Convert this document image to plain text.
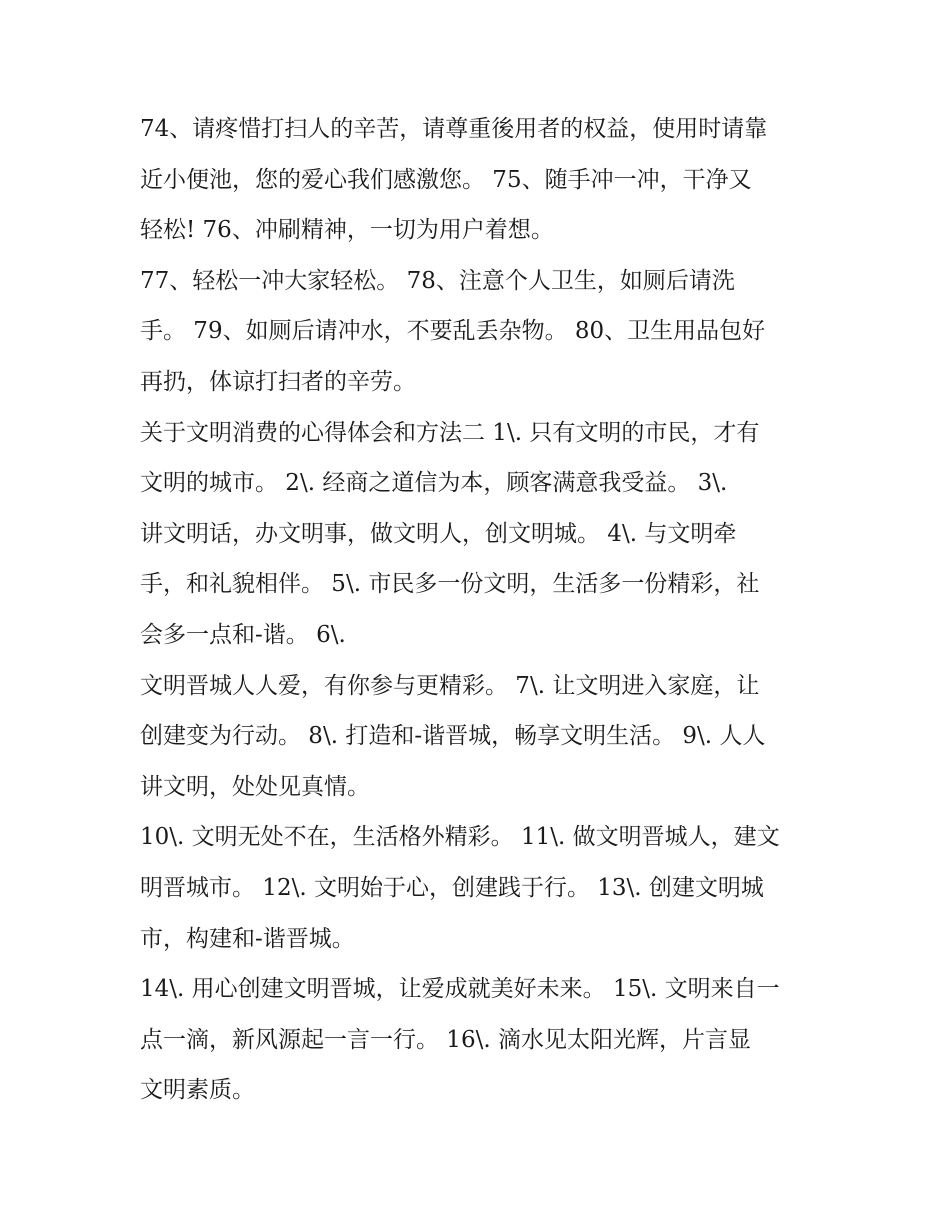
74、请疼惜打扫人的辛苦，请尊重後用者的权益，使用时请靠
近小便池，您的爱心我们感激您。 75、随手冲一冲，干净又
轻松! 76、冲刷精神，一切为用户着想。
77、轻松一冲大家轻松。 78、注意个人卫生，如厕后请洗
手。 79、如厕后请冲水，不要乱丢杂物。 80、卫生用品包好
再扔，体谅打扫者的辛劳。
关于文明消费的心得体会和方法二 1\. 只有文明的市民，才有
文明的城市。 2\. 经商之道信为本，顾客满意我受益。 3\.
讲文明话，办文明事，做文明人，创文明城。 4\. 与文明牵
手，和礼貌相伴。 5\. 市民多一份文明，生活多一份精彩，社
会多一点和-谐。 6\.
文明晋城人人爱，有你参与更精彩。 7\. 让文明进入家庭，让
创建变为行动。 8\. 打造和-谐晋城，畅享文明生活。 9\. 人人
讲文明，处处见真情。
10\. 文明无处不在，生活格外精彩。 11\. 做文明晋城人，建文
明晋城市。 12\. 文明始于心，创建践于行。 13\. 创建文明城
市，构建和-谐晋城。
14\. 用心创建文明晋城，让爱成就美好未来。 15\. 文明来自一
点一滴，新风源起一言一行。 16\. 滴水见太阳光辉，片言显
文明素质。
